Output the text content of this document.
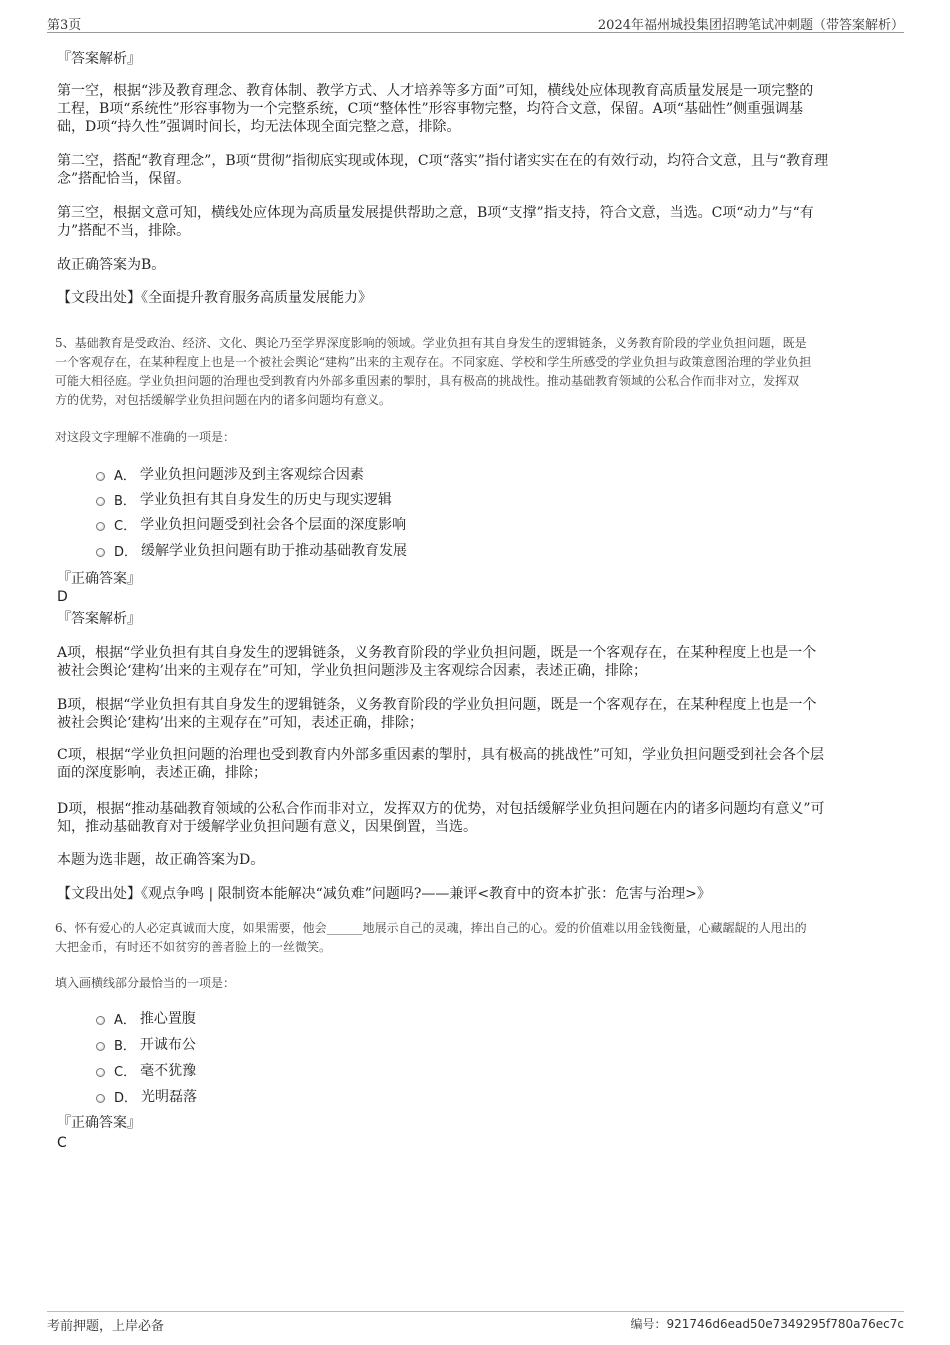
第3页	2024年福州城投集团招聘笔试冲刺题（带答案解析）
『答案解析』
第一空，根据“涉及教育理念、教育体制、教学方式、人才培养等多方面”可知，横线处应体现教育高质量发展是一项完整的
工程，B项“系统性”形容事物为一个完整系统，C项“整体性”形容事物完整，均符合文意，保留。A项“基础性”侧重强调基
础，D项“持久性”强调时间长，均无法体现全面完整之意，排除。
第二空，搭配“教育理念”，B项“贯彻”指彻底实现或体现，C项“落实”指付诸实实在在的有效行动，均符合文意，且与“教育理
念”搭配恰当，保留。
第三空，根据文意可知，横线处应体现为高质量发展提供帮助之意，B项“支撑”指支持，符合文意，当选。C项“动力”与“有
力”搭配不当，排除。
故正确答案为B。
【文段出处】《全面提升教育服务高质量发展能力》
5、基础教育是受政治、经济、文化、舆论乃至学界深度影响的领域。学业负担有其自身发生的逻辑链条，义务教育阶段的学业负担问题，既是
一个客观存在，在某种程度上也是一个被社会舆论“建构”出来的主观存在。不同家庭、学校和学生所感受的学业负担与政策意图治理的学业负担
可能大相径庭。学业负担问题的治理也受到教育内外部多重因素的掣肘，具有极高的挑战性。推动基础教育领域的公私合作而非对立，发挥双
方的优势，对包括缓解学业负担问题在内的诸多问题均有意义。
对这段文字理解不准确的一项是：
A． 学业负担问题涉及到主客观综合因素
B． 学业负担有其自身发生的历史与现实逻辑
C． 学业负担问题受到社会各个层面的深度影响
D． 缓解学业负担问题有助于推动基础教育发展
『正确答案』
D
『答案解析』
A项，根据“学业负担有其自身发生的逻辑链条，义务教育阶段的学业负担问题，既是一个客观存在，在某种程度上也是一个
被社会舆论‘建构’出来的主观存在”可知，学业负担问题涉及主客观综合因素，表述正确，排除；
B项，根据“学业负担有其自身发生的逻辑链条，义务教育阶段的学业负担问题，既是一个客观存在，在某种程度上也是一个
被社会舆论‘建构’出来的主观存在”可知，表述正确，排除；
C项，根据“学业负担问题的治理也受到教育内外部多重因素的掣肘，具有极高的挑战性”可知，学业负担问题受到社会各个层
面的深度影响，表述正确，排除；
D项，根据“推动基础教育领域的公私合作而非对立，发挥双方的优势，对包括缓解学业负担问题在内的诸多问题均有意义”可
知，推动基础教育对于缓解学业负担问题有意义，因果倒置，当选。
本题为选非题，故正确答案为D。
【文段出处】《观点争鸣 | 限制资本能解决“减负难”问题吗?——兼评<教育中的资本扩张：危害与治理>》
6、怀有爱心的人必定真诚而大度，如果需要，他会______地展示自己的灵魂，捧出自己的心。爱的价值难以用金钱衡量，心藏龌龊的人甩出的
大把金币，有时还不如贫穷的善者脸上的一丝微笑。
填入画横线部分最恰当的一项是：
A． 推心置腹
B． 开诚布公
C． 毫不犹豫
D． 光明磊落
『正确答案』
C
考前押题，上岸必备	编号：921746d6ead50e7349295f780a76ec7c
